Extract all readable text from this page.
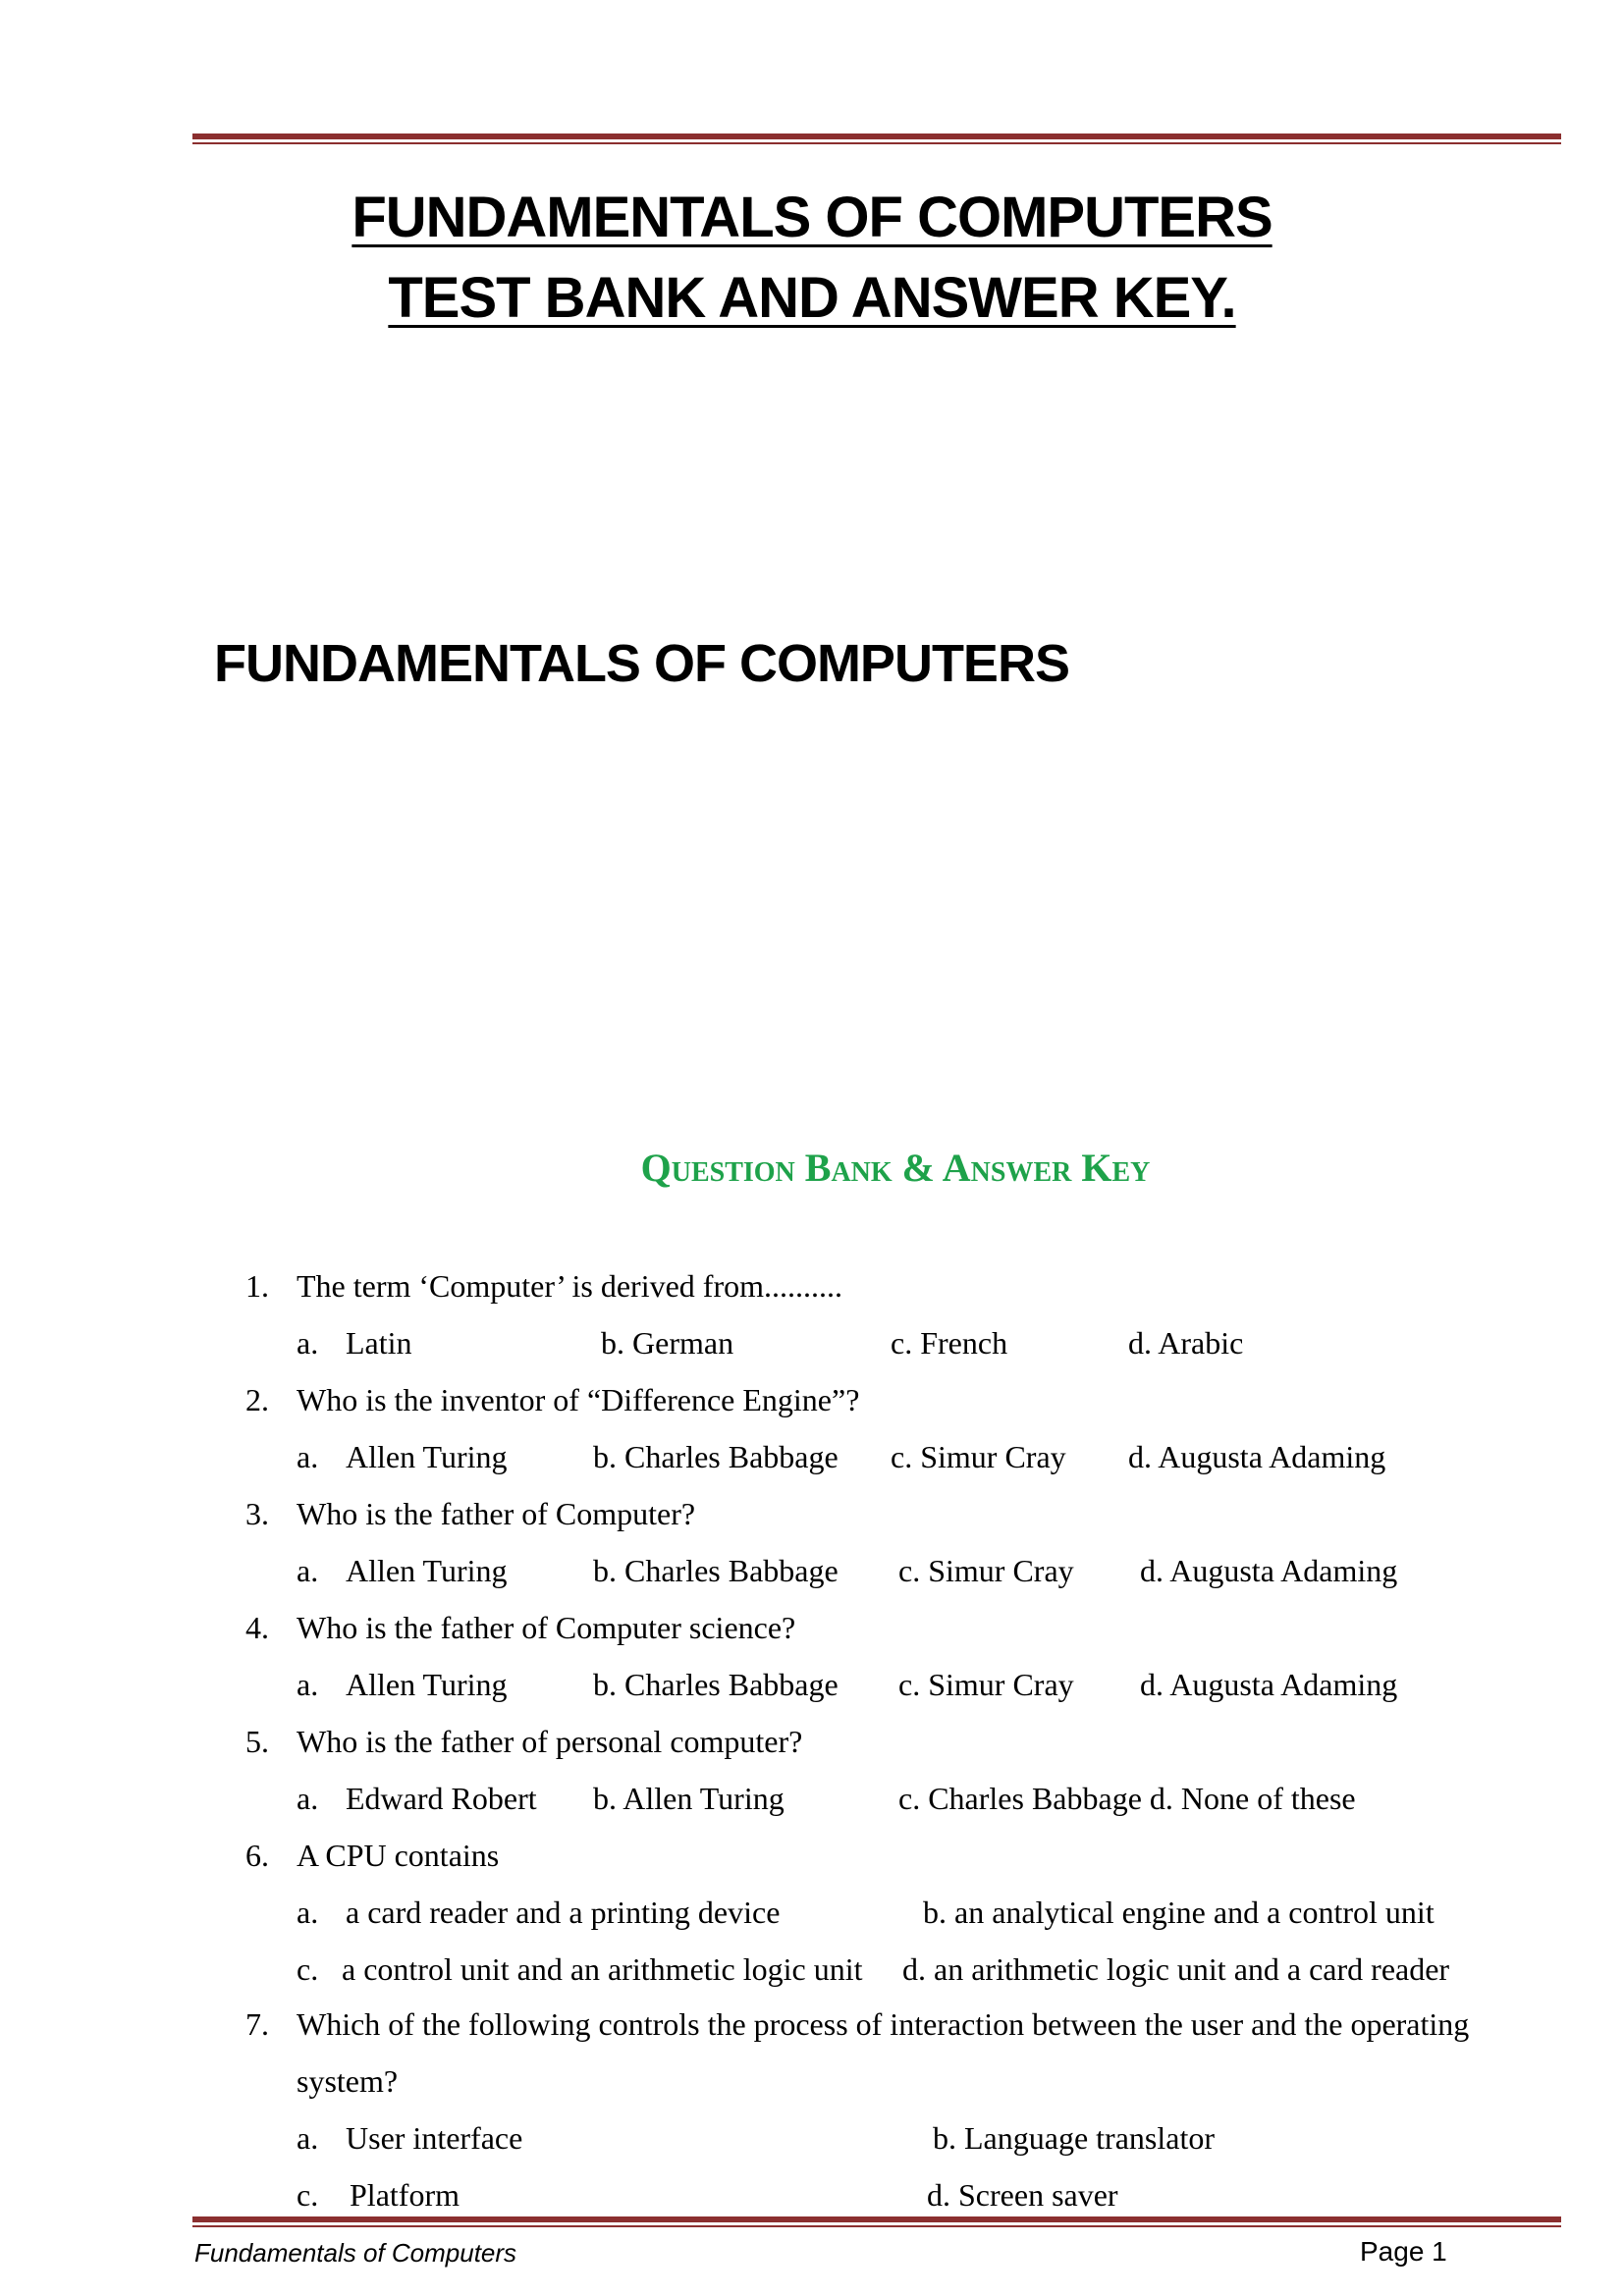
FUNDAMENTALS OF COMPUTERS
TEST BANK AND ANSWER KEY.
FUNDAMENTALS OF COMPUTERS
Question Bank & Answer Key
1. The term ‘Computer’ is derived from..........
a. Latin	b. German	c. French	d. Arabic
2. Who is the inventor of “Difference Engine”?
a. Allen Turing	b. Charles Babbage c. Simur Cray d. Augusta Adaming
3. Who is the father of Computer?
a. Allen Turing	b. Charles Babbage c. Simur Cray d. Augusta Adaming
4. Who is the father of Computer science?
a. Allen Turing	b. Charles Babbage c. Simur Cray d. Augusta Adaming
5. Who is the father of personal computer?
a. Edward Robert b. Allen Turing	c. Charles Babbage d. None of these
6. A CPU contains
a. a card reader and a printing device	b. an analytical engine and a control unit
c. a control unit and an arithmetic logic unit d. an arithmetic logic unit and a card reader
7. Which of the following controls the process of interaction between the user and the operating
system?
a. User interface	b. Language translator
c. Platform	d. Screen saver
Fundamentals of Computers	Page 1
